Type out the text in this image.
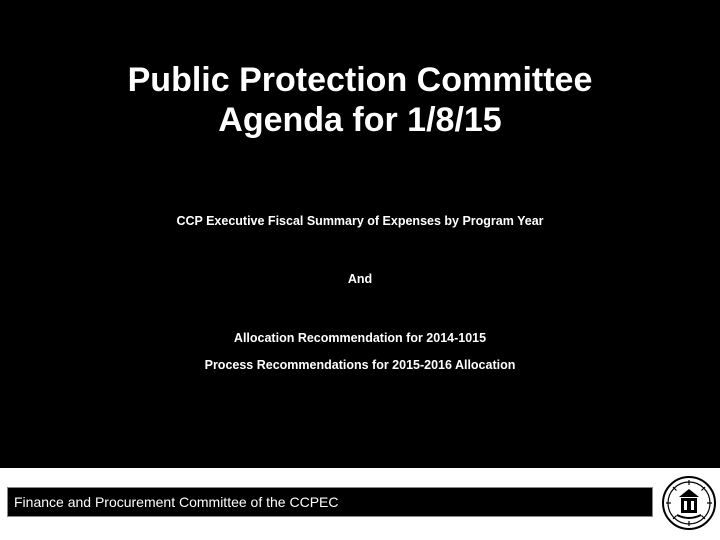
Public Protection Committee
Agenda for 1/8/15
CCP Executive Fiscal Summary of Expenses by Program Year
And
Allocation Recommendation for 2014-1015
Process Recommendations for 2015-2016 Allocation
Finance and Procurement Committee of the CCPEC
